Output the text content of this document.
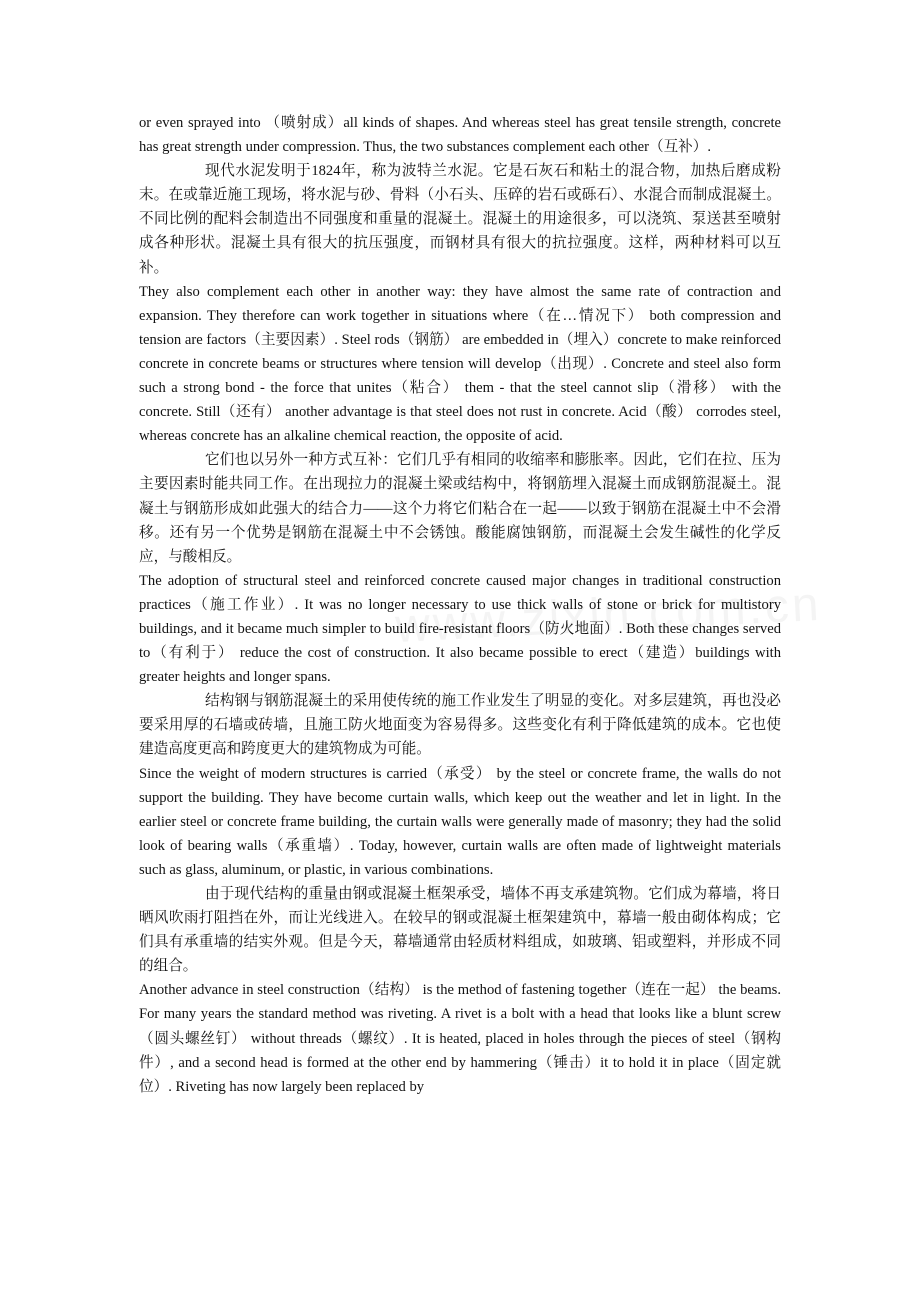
or even sprayed into （喷射成）all kinds of shapes. And whereas steel has great tensile strength, concrete has great strength under compression. Thus, the two substances complement each other（互补）.

现代水泥发明于1824年，称为波特兰水泥。它是石灰石和粘土的混合物，加热后磨成粉末。在或靠近施工现场，将水泥与砂、骨料（小石头、压碎的岩石或砾石）、水混合而制成混凝土。不同比例的配料会制造出不同强度和重量的混凝土。混凝土的用途很多，可以浇筑、泵送甚至喷射成各种形状。混凝土具有很大的抗压强度，而钢材具有很大的抗拉强度。这样，两种材料可以互补。

They also complement each other in another way: they have almost the same rate of contraction and expansion. They therefore can work together in situations where（在…情况下） both compression and tension are factors（主要因素）. Steel rods（钢筋） are embedded in（埋入）concrete to make reinforced concrete in concrete beams or structures where tension will develop（出现）. Concrete and steel also form such a strong bond - the force that unites（粘合） them - that the steel cannot slip（滑移） with the concrete. Still（还有） another advantage is that steel does not rust in concrete. Acid（酸） corrodes steel, whereas concrete has an alkaline chemical reaction, the opposite of acid.

它们也以另外一种方式互补：它们几乎有相同的收缩率和膨胀率。因此，它们在拉、压为主要因素时能共同工作。在出现拉力的混凝土梁或结构中，将钢筋埋入混凝土而成钢筋混凝土。混凝土与钢筋形成如此强大的结合力——这个力将它们粘合在一起——以致于钢筋在混凝土中不会滑移。还有另一个优势是钢筋在混凝土中不会锈蚀。酸能腐蚀钢筋，而混凝土会发生碱性的化学反应，与酸相反。

The adoption of structural steel and reinforced concrete caused major changes in traditional construction practices（施工作业）. It was no longer necessary to use thick walls of stone or brick for multistory buildings, and it became much simpler to build fire-resistant floors（防火地面）. Both these changes served to（有利于） reduce the cost of construction. It also became possible to erect（建造）buildings with greater heights and longer spans.

结构钢与钢筋混凝土的采用使传统的施工作业发生了明显的变化。对多层建筑，再也没必要采用厚的石墙或砖墙，且施工防火地面变为容易得多。这些变化有利于降低建筑的成本。它也使建造高度更高和跨度更大的建筑物成为可能。

Since the weight of modern structures is carried（承受） by the steel or concrete frame, the walls do not support the building. They have become curtain walls, which keep out the weather and let in light. In the earlier steel or concrete frame building, the curtain walls were generally made of masonry; they had the solid look of bearing walls（承重墙）. Today, however, curtain walls are often made of lightweight materials such as glass, aluminum, or plastic, in various combinations.

由于现代结构的重量由钢或混凝土框架承受，墙体不再支承建筑物。它们成为幕墙，将日晒风吹雨打阻挡在外，而让光线进入。在较早的钢或混凝土框架建筑中，幕墙一般由砌体构成；它们具有承重墙的结实外观。但是今天，幕墙通常由轻质材料组成，如玻璃、铝或塑料，并形成不同的组合。

Another advance in steel construction（结构） is the method of fastening together（连在一起） the beams. For many years the standard method was riveting. A rivet is a bolt with a head that looks like a blunt screw（圆头螺丝钉） without threads（螺纹）. It is heated, placed in holes through the pieces of steel（钢构件）, and a second head is formed at the other end by hammering（锤击）it to hold it in place（固定就位）. Riveting has now largely been replaced by
